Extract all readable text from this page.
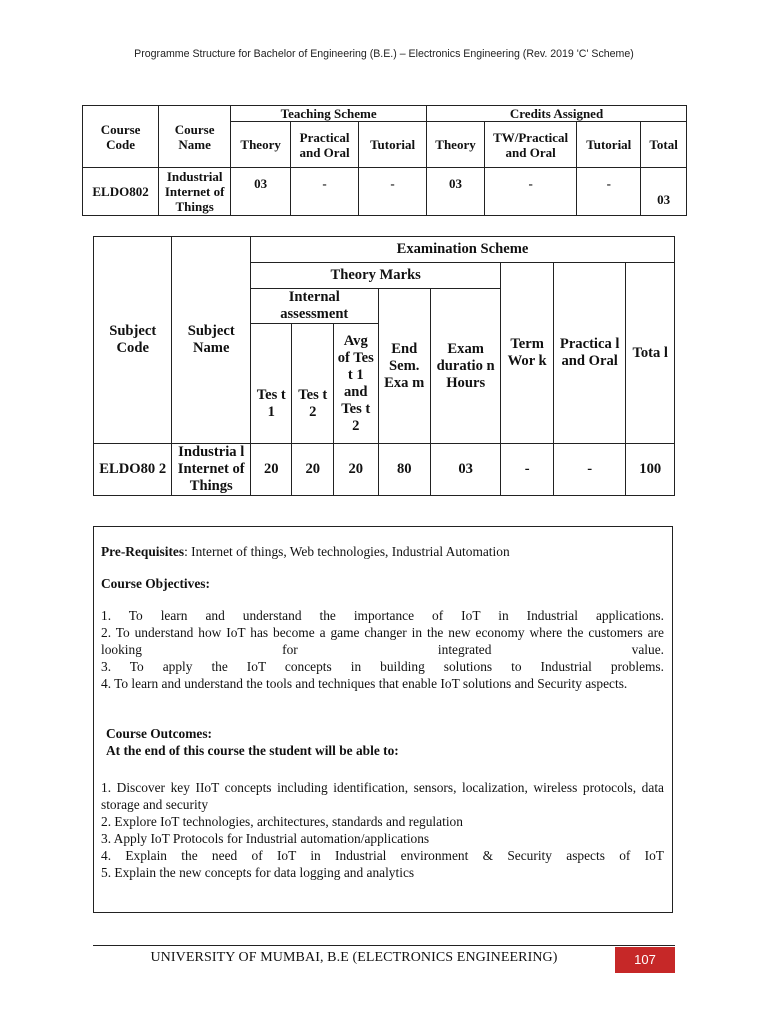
Programme Structure for Bachelor of Engineering (B.E.) – Electronics Engineering (Rev. 2019 'C' Scheme)
Course Code	Course Name	Teaching Scheme			Credits Assigned			
		Theory	Practical and Oral	Tutorial	Theory	TW/Practical and Oral	Tutorial	Total
ELDO802	Industrial Internet of Things	03	-	-	03	-	-	03
Subject Code	Subject Name	Examination Scheme							
		Theory Marks					Term Wor k	Practica l and Oral	Tota l
		Internal assessment			End Sem. Exa m	Exam duratio n Hours			
		Tes t 1	Tes t 2	Avg of Tes t 1 and Tes t 2					
ELDO80 2	Industria l Internet of Things	20	20	20	80	03	-	-	100
Pre-Requisites: Internet of things, Web technologies, Industrial Automation
Course Objectives:
1. To learn and understand the importance of IoT in Industrial applications.
2. To understand how IoT has become a game changer in the new economy where the customers are looking for integrated value.
3. To apply the IoT concepts in building solutions to Industrial problems.
4. To learn and understand the tools and techniques that enable IoT solutions and Security aspects.
Course Outcomes:
At the end of this course the student will be able to:
1. Discover key IIoT concepts including identification, sensors, localization, wireless protocols, data storage and security
2. Explore IoT technologies, architectures, standards and regulation
3. Apply IoT Protocols for Industrial automation/applications
4. Explain the need of IoT in Industrial environment & Security aspects of IoT
5. Explain the new concepts for data logging and analytics
UNIVERSITY OF MUMBAI, B.E (ELECTRONICS ENGINEERING)	107
